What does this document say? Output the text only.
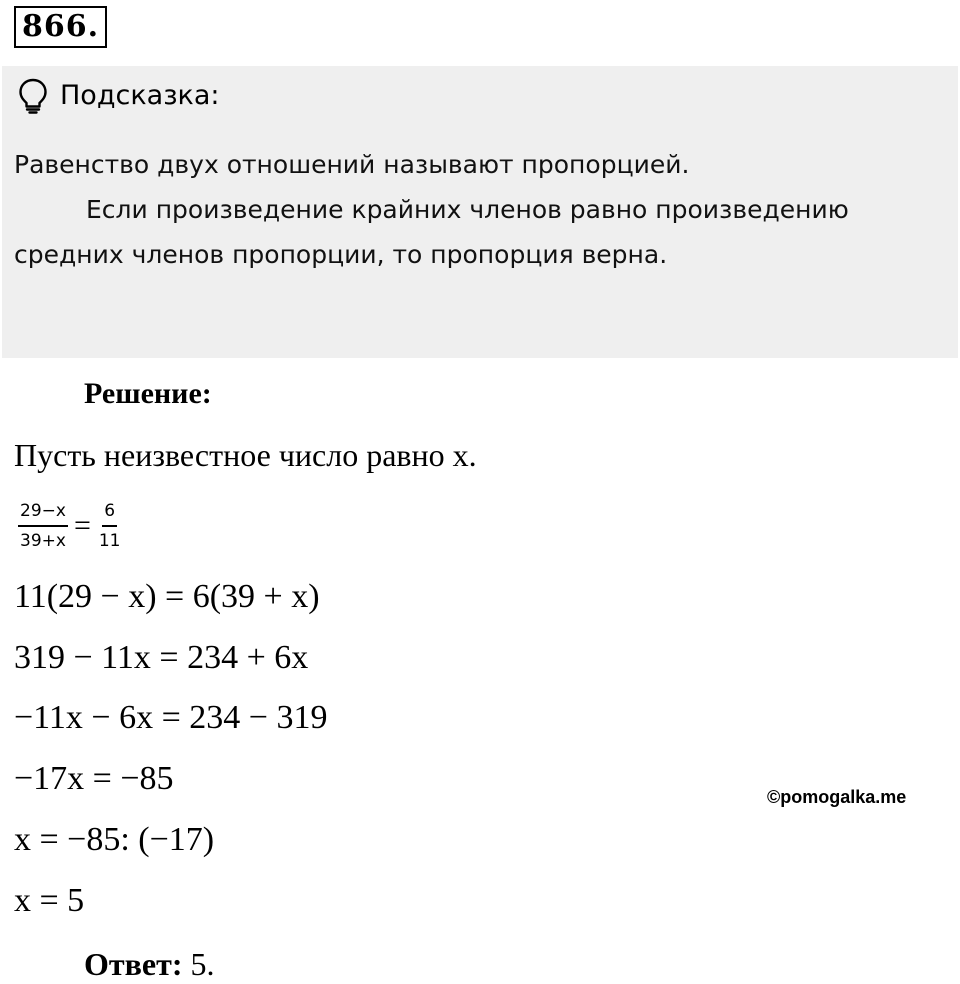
866.
Подсказка:

Равенство двух отношений называют пропорцией.

Если произведение крайних членов равно произведению средних членов пропорции, то пропорция верна.

Решение:
Пусть неизвестное число равно х.
$\frac{29-x}{39+x} = \frac{6}{11}$
11(29 − x) = 6(39 + x)
319 − 11x = 234 + 6x
−11x − 6x = 234 − 319
−17x = −85
x = −85: (−17)
x = 5
©pomogalka.me
Ответ: 5.
